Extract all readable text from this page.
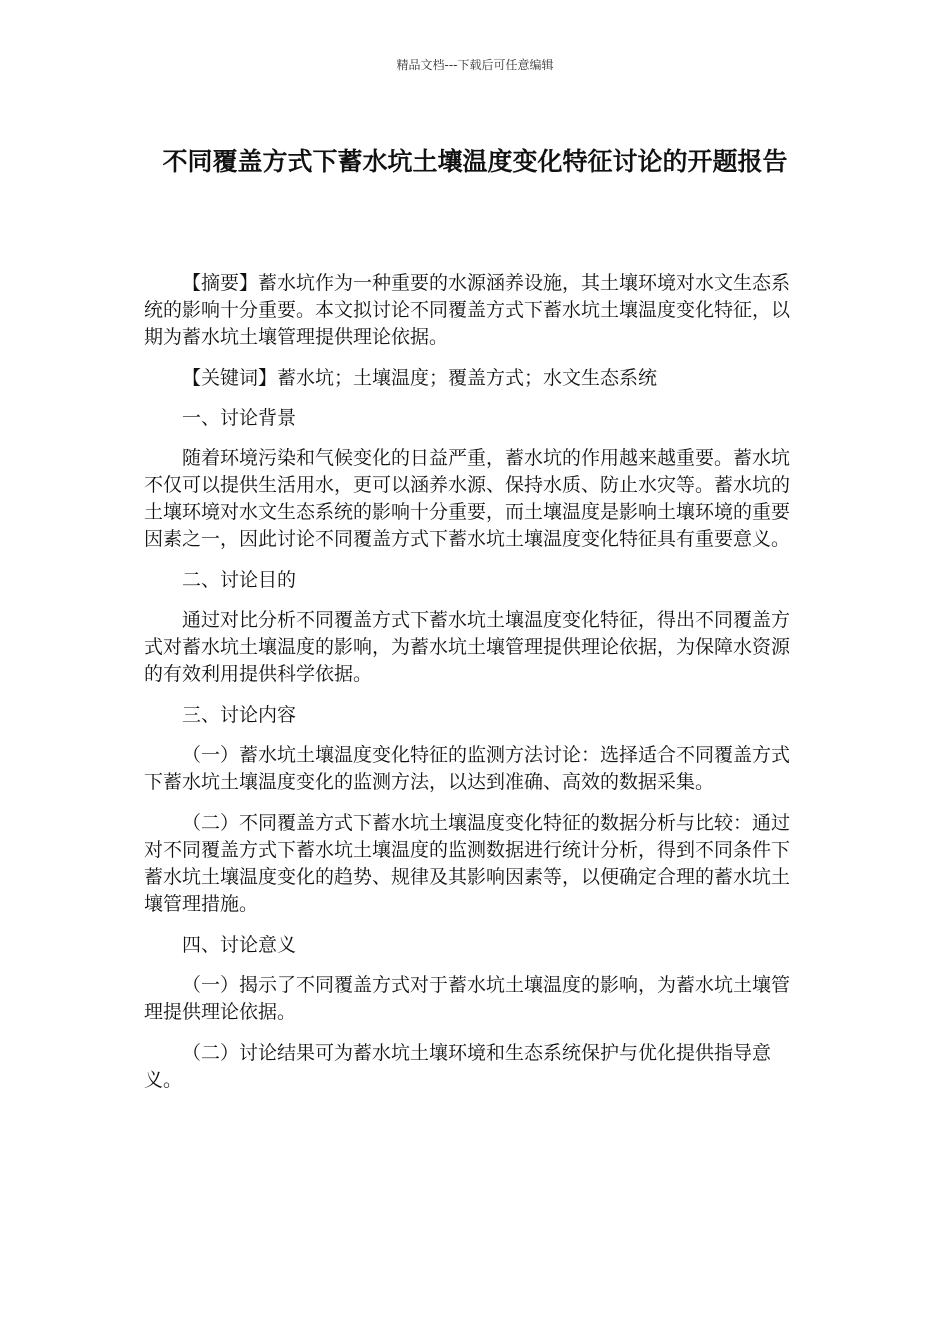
精品文档---下载后可任意编辑
不同覆盖方式下蓄水坑土壤温度变化特征讨论的开题报告

【摘要】蓄水坑作为一种重要的水源涵养设施，其土壤环境对水文生态系统的影响十分重要。本文拟讨论不同覆盖方式下蓄水坑土壤温度变化特征，以期为蓄水坑土壤管理提供理论依据。

【关键词】蓄水坑；土壤温度；覆盖方式；水文生态系统

一、讨论背景

随着环境污染和气候变化的日益严重，蓄水坑的作用越来越重要。蓄水坑不仅可以提供生活用水，更可以涵养水源、保持水质、防止水灾等。蓄水坑的土壤环境对水文生态系统的影响十分重要，而土壤温度是影响土壤环境的重要因素之一，因此讨论不同覆盖方式下蓄水坑土壤温度变化特征具有重要意义。

二、讨论目的

通过对比分析不同覆盖方式下蓄水坑土壤温度变化特征，得出不同覆盖方式对蓄水坑土壤温度的影响，为蓄水坑土壤管理提供理论依据，为保障水资源的有效利用提供科学依据。

三、讨论内容

（一）蓄水坑土壤温度变化特征的监测方法讨论：选择适合不同覆盖方式下蓄水坑土壤温度变化的监测方法，以达到准确、高效的数据采集。

（二）不同覆盖方式下蓄水坑土壤温度变化特征的数据分析与比较：通过对不同覆盖方式下蓄水坑土壤温度的监测数据进行统计分析，得到不同条件下蓄水坑土壤温度变化的趋势、规律及其影响因素等，以便确定合理的蓄水坑土壤管理措施。

四、讨论意义

（一）揭示了不同覆盖方式对于蓄水坑土壤温度的影响，为蓄水坑土壤管理提供理论依据。

（二）讨论结果可为蓄水坑土壤环境和生态系统保护与优化提供指导意义。
